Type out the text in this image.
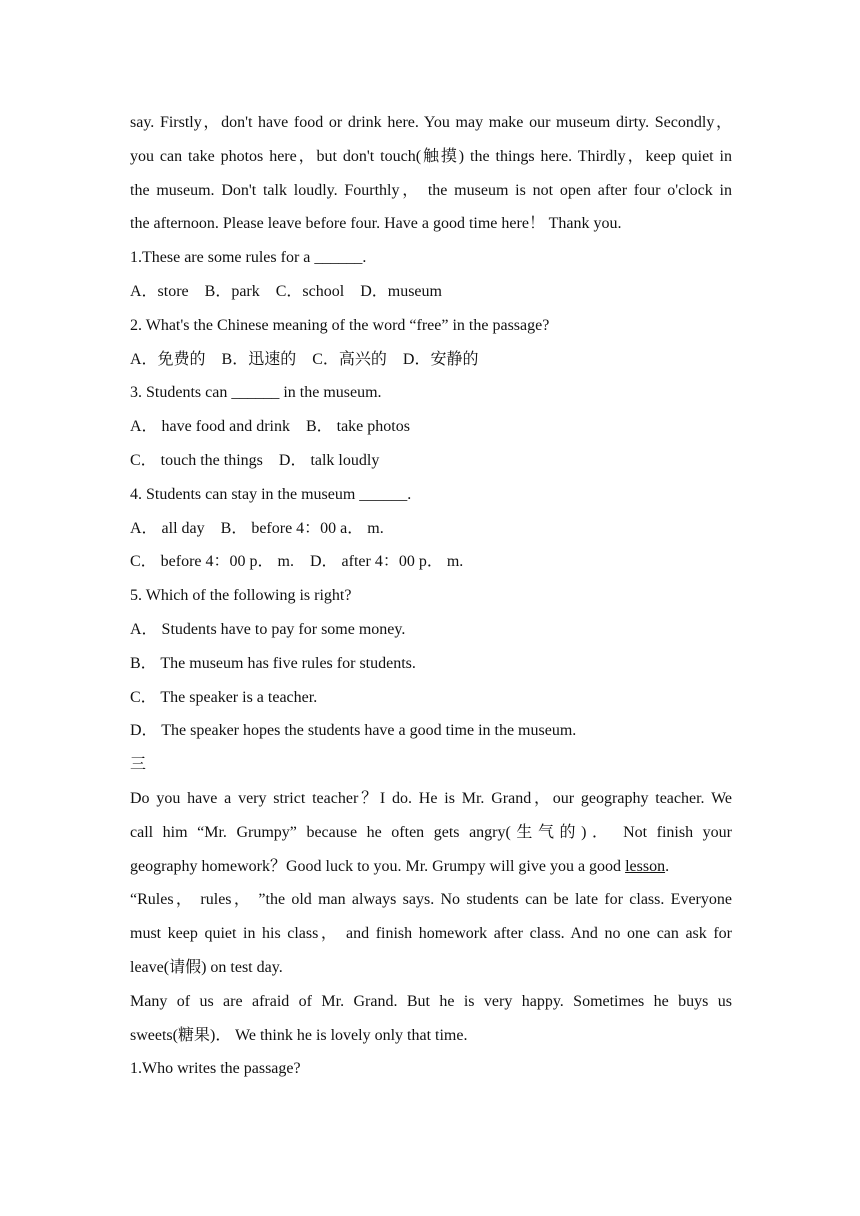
say. Firstly，don't have food or drink here. You may make our museum dirty. Secondly，
you can take photos here，but don't touch(触摸) the things here. Thirdly，keep quiet in
the museum. Don't talk loudly. Fourthly， the museum is not open after four o'clock in
the afternoon. Please leave before four. Have a good time here！ Thank you.
1.These are some rules for a ______.
A．store　B．park　C．school　D．museum
2. What's the Chinese meaning of the word “free” in the passage?
A．免费的　B．迅速的　C．高兴的　D．安静的
3. Students can ______ in the museum.
A． have food and drink　B． take photos
C． touch the things　D． talk loudly
4. Students can stay in the museum ______.
A． all day　B． before 4：00 a． m.
C． before 4：00 p． m.　D． after 4：00 p． m.
5. Which of the following is right?
A． Students have to pay for some money.
B． The museum has five rules for students.
C． The speaker is a teacher.
D． The speaker hopes the students have a good time in the museum.
三
Do you have a very strict teacher？I do. He is Mr. Grand，our geography teacher. We
call him “Mr. Grumpy” because he often gets angry(生气的)． Not finish your
geography homework？Good luck to you. Mr. Grumpy will give you a good lesson.
“Rules， rules， ”the old man always says. No students can be late for class. Everyone
must keep quiet in his class， and finish homework after class. And no one can ask for
leave(请假) on test day.
Many of us are afraid of Mr. Grand. But he is very happy. Sometimes he buys us
sweets(糖果)． We think he is lovely only that time.
1.Who writes the passage?
